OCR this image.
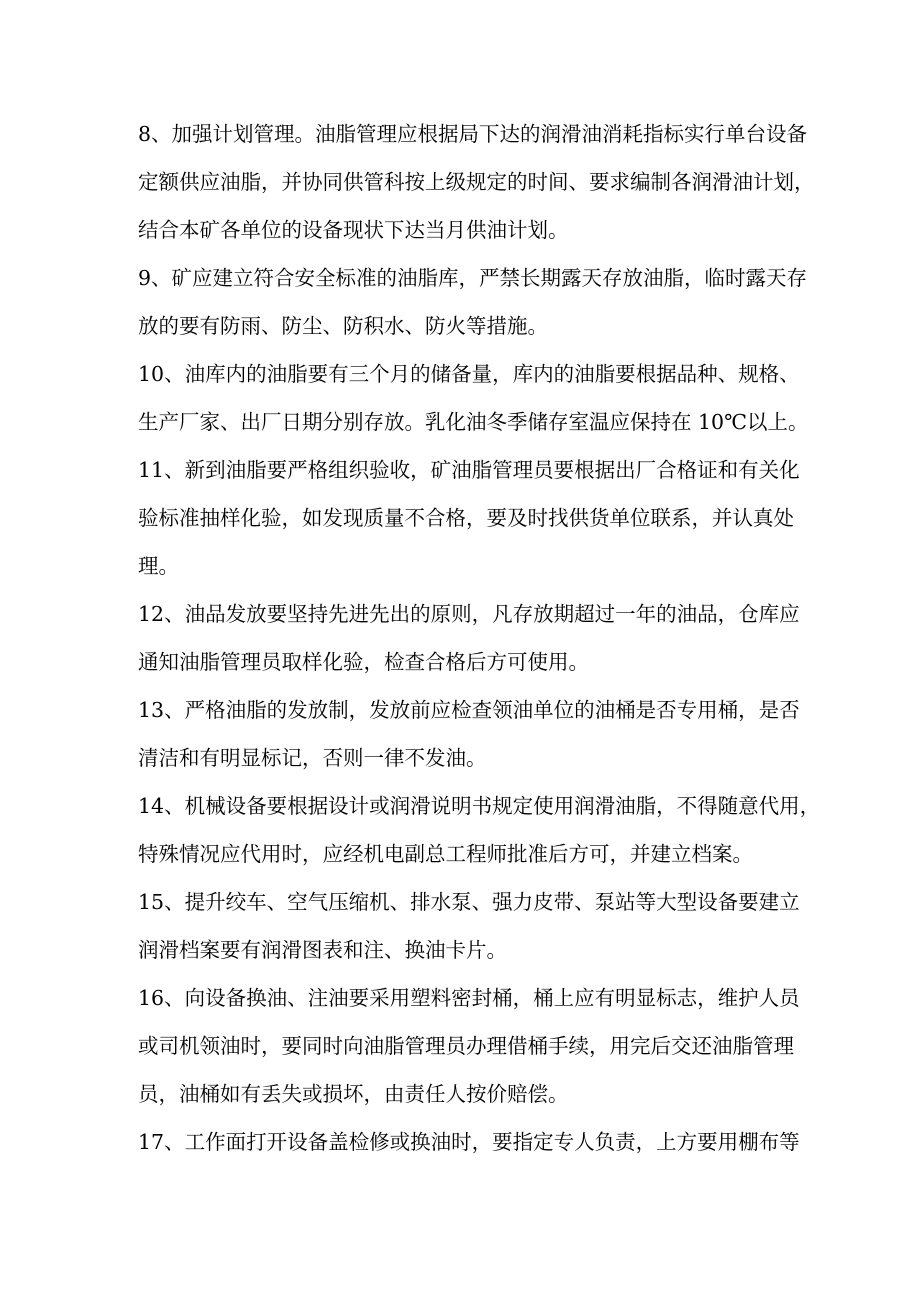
8、加强计划管理。油脂管理应根据局下达的润滑油消耗指标实行单台设备
定额供应油脂，并协同供管科按上级规定的时间、要求编制各润滑油计划，
结合本矿各单位的设备现状下达当月供油计划。
9、矿应建立符合安全标准的油脂库，严禁长期露天存放油脂，临时露天存
放的要有防雨、防尘、防积水、防火等措施。
10、油库内的油脂要有三个月的储备量，库内的油脂要根据品种、规格、
生产厂家、出厂日期分别存放。乳化油冬季储存室温应保持在 10℃以上。
11、新到油脂要严格组织验收，矿油脂管理员要根据出厂合格证和有关化
验标准抽样化验，如发现质量不合格，要及时找供货单位联系，并认真处
理。
12、油品发放要坚持先进先出的原则，凡存放期超过一年的油品，仓库应
通知油脂管理员取样化验，检查合格后方可使用。
13、严格油脂的发放制，发放前应检查领油单位的油桶是否专用桶，是否
清洁和有明显标记，否则一律不发油。
14、机械设备要根据设计或润滑说明书规定使用润滑油脂，不得随意代用，
特殊情况应代用时，应经机电副总工程师批准后方可，并建立档案。
15、提升绞车、空气压缩机、排水泵、强力皮带、泵站等大型设备要建立
润滑档案要有润滑图表和注、换油卡片。
16、向设备换油、注油要采用塑料密封桶，桶上应有明显标志，维护人员
或司机领油时，要同时向油脂管理员办理借桶手续，用完后交还油脂管理
员，油桶如有丢失或损坏，由责任人按价赔偿。
17、工作面打开设备盖检修或换油时，要指定专人负责，上方要用棚布等
